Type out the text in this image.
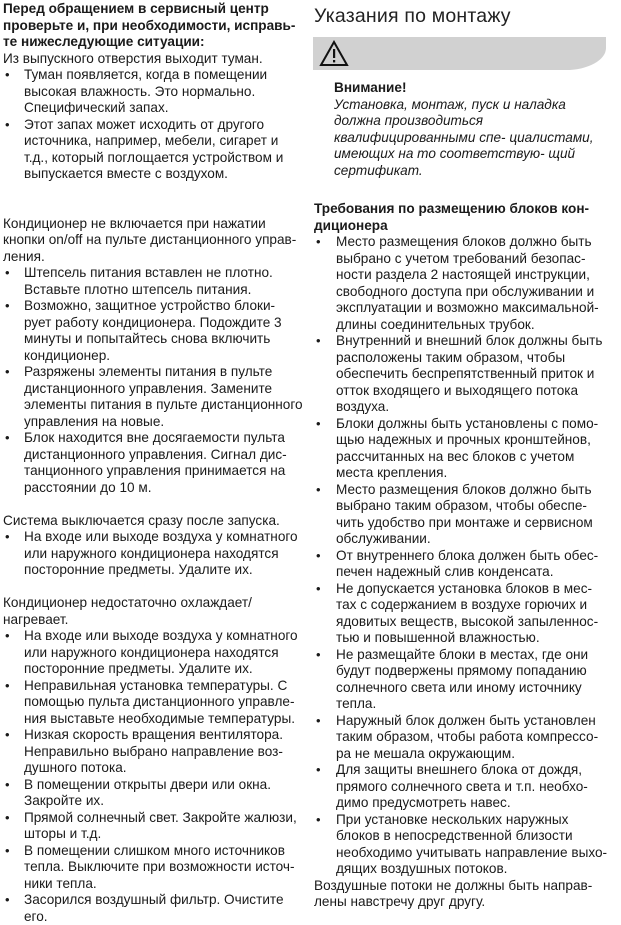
Перед обращением в сервисный центр
проверьте и, при необходимости, исправь-
те нижеследующие ситуации:

Из выпускного отверстия выходит туман.

• Туман появляется, когда в помещении высокая влажность. Это нормально. Специфический запах.
• Этот запах может исходить от другого источника, например, мебели, сигарет и т.д., который поглощается устройством и выпускается вместе с воздухом.

Кондиционер не включается при нажатии кнопки on/off на пульте дистанционного управ- ления.

• Штепсель питания вставлен не плотно. Вставьте плотно штепсель питания.
• Возможно, защитное устройство блоки- рует работу кондиционера. Подождите 3 минуты и попытайтесь снова включить кондиционер.
• Разряжены элементы питания в пульте дистанционного управления. Замените элементы питания в пульте дистанционного управления на новые.
• Блок находится вне досягаемости пульта дистанционного управления. Сигнал дис- танционного управления принимается на расстоянии до 10 м.

Система выключается сразу после запуска.

• На входе или выходе воздуха у комнатного или наружного кондиционера находятся посторонние предметы. Удалите их.

Кондиционер недостаточно охлаждает/нагревает.

• На входе или выходе воздуха у комнатного или наружного кондиционера находятся посторонние предметы. Удалите их.
• Неправильная установка температуры. С помощью пульта дистанционного управле- ния выставьте необходимые температуры.
• Низкая скорость вращения вентилятора. Неправильно выбрано направление воз- душного потока.
• В помещении открыты двери или окна. Закройте их.
• Прямой солнечный свет. Закройте жалюзи, шторы и т.д.
• В помещении слишком много источников тепла. Выключите при возможности источ- ники тепла.
• Засорился воздушный фильтр. Очистите его.
Указания по монтажу

Внимание!

Установка, монтаж, пуск и наладка должна производиться квалифицированными спе- циалистами, имеющих на то соответствую- щий сертификат.

Требования по размещению блоков кон- диционера

• Место размещения блоков должно быть выбрано с учетом требований безопас- ности раздела 2 настоящей инструкции, свободного доступа при обслуживании и эксплуатации и возможно максимальной- длины соединительных трубок.
• Внутренний и внешний блок должны быть расположены таким образом, чтобы обеспечить беспрепятственный приток и отток входящего и выходящего потока воздуха.
• Блоки должны быть установлены с помо- щью надежных и прочных кронштейнов, рассчитанных на вес блоков с учетом места крепления.
• Место размещения блоков должно быть выбрано таким образом, чтобы обеспе- чить удобство при монтаже и сервисном обслуживании.
• От внутреннего блока должен быть обес- печен надежный слив конденсата.
• Не допускается установка блоков в мес- тах с содержанием в воздухе горючих и ядовитых веществ, высокой запыленнос- тью и повышенной влажностью.
• Не размещайте блоки в местах, где они будут подвержены прямому попаданию солнечного света или иному источнику тепла.
• Наружный блок должен быть установлен таким образом, чтобы работа компрессо- ра не мешала окружающим.
• Для защиты внешнего блока от дождя, прямого солнечного света и т.п. необхо- димо предусмотреть навес.
• При установке нескольких наружных блоков в непосредственной близости необходимо учитывать направление выхо- дящих воздушных потоков.

Воздушные потоки не должны быть направ- лены навстречу друг другу.
